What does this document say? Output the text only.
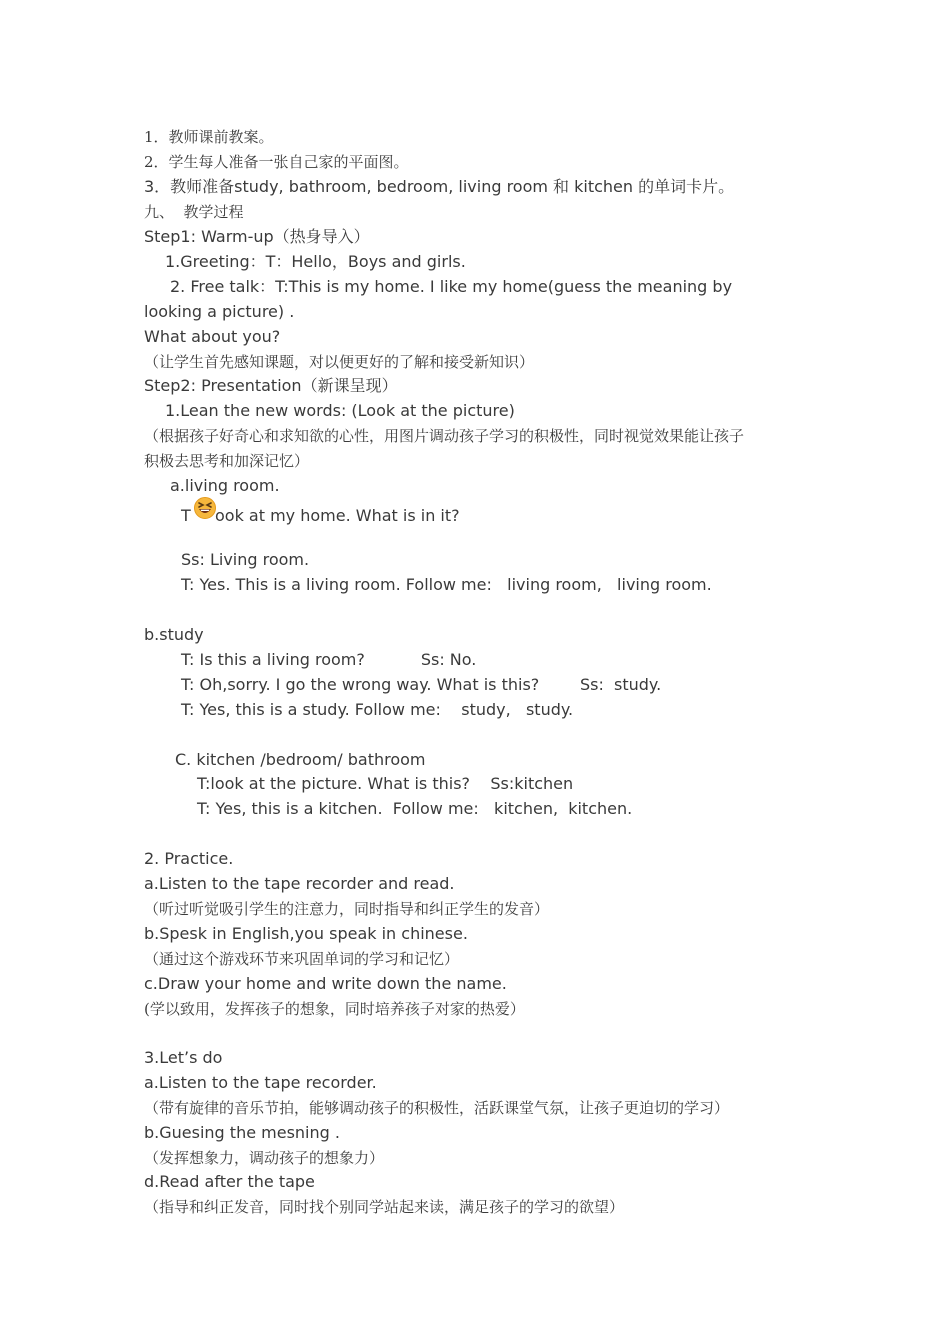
1．教师课前教案。
2．学生每人准备一张自己家的平面图。
3．教师准备study, bathroom, bedroom, living room 和 kitchen 的单词卡片。
九、  教学过程
Step1: Warm-up（热身导入）
1.Greeting：T：Hello，Boys and girls.
2. Free talk：T:This is my home. I like my home(guess the meaning by
looking a picture) .
What about you?
（让学生首先感知课题，对以便更好的了解和接受新知识）
Step2: Presentation（新课呈现）
1.Lean the new words: (Look at the picture)
（根据孩子好奇心和求知欲的心性，用图片调动孩子学习的积极性，同时视觉效果能让孩子
积极去思考和加深记忆）
a.living room.
T ook at my home. What is in it?
Ss: Living room.
T: Yes. This is a living room. Follow me:   living room,   living room.
b.study
T: Is this a living room?           Ss: No.
T: Oh,sorry. I go the wrong way. What is this?        Ss:  study.
T: Yes, this is a study. Follow me:    study,   study.
C. kitchen /bedroom/ bathroom
T:look at the picture. What is this?    Ss:kitchen
T: Yes, this is a kitchen.  Follow me:   kitchen,  kitchen.
2. Practice.
a.Listen to the tape recorder and read.
（听过听觉吸引学生的注意力，同时指导和纠正学生的发音）
b.Spesk in English,you speak in chinese.
（通过这个游戏环节来巩固单词的学习和记忆）
c.Draw your home and write down the name.
(学以致用，发挥孩子的想象，同时培养孩子对家的热爱）
3.Let’s do
a.Listen to the tape recorder.
（带有旋律的音乐节拍，能够调动孩子的积极性，活跃课堂气氛，让孩子更迫切的学习）
b.Guesing the mesning .
（发挥想象力，调动孩子的想象力）
d.Read after the tape
（指导和纠正发音，同时找个别同学站起来读，满足孩子的学习的欲望）
